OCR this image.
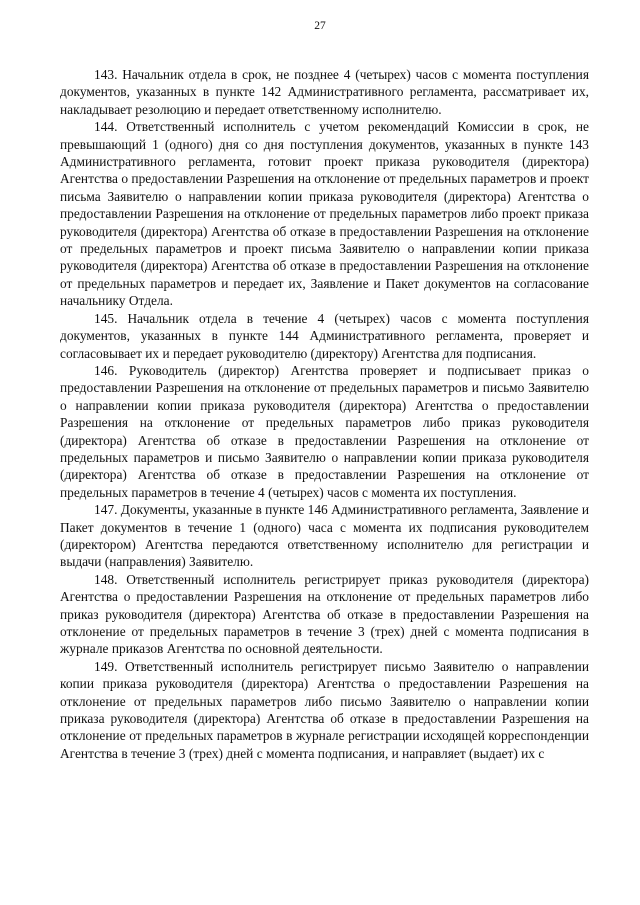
27

143. Начальник отдела в срок, не позднее 4 (четырех) часов с момента поступления документов, указанных в пункте 142 Административного регламента, рассматривает их, накладывает резолюцию и передает ответственному исполнителю.

144. Ответственный исполнитель с учетом рекомендаций Комиссии в срок, не превышающий 1 (одного) дня со дня поступления документов, указанных в пункте 143 Административного регламента, готовит проект приказа руководителя (директора) Агентства о предоставлении Разрешения на отклонение от предельных параметров и проект письма Заявителю о направлении копии приказа руководителя (директора) Агентства о предоставлении Разрешения на отклонение от предельных параметров либо проект приказа руководителя (директора) Агентства об отказе в предоставлении Разрешения на отклонение от предельных параметров и проект письма Заявителю о направлении копии приказа руководителя (директора) Агентства об отказе в предоставлении Разрешения на отклонение от предельных параметров и передает их, Заявление и Пакет документов на согласование начальнику Отдела.

145. Начальник отдела в течение 4 (четырех) часов с момента поступления документов, указанных в пункте 144 Административного регламента, проверяет и согласовывает их и передает руководителю (директору) Агентства для подписания.

146. Руководитель (директор) Агентства проверяет и подписывает приказ о предоставлении Разрешения на отклонение от предельных параметров и письмо Заявителю о направлении копии приказа руководителя (директора) Агентства о предоставлении Разрешения на отклонение от предельных параметров либо приказ руководителя (директора) Агентства об отказе в предоставлении Разрешения на отклонение от предельных параметров и письмо Заявителю о направлении копии приказа руководителя (директора) Агентства об отказе в предоставлении Разрешения на отклонение от предельных параметров в течение 4 (четырех) часов с момента их поступления.

147. Документы, указанные в пункте 146 Административного регламента, Заявление и Пакет документов в течение 1 (одного) часа с момента их подписания руководителем (директором) Агентства передаются ответственному исполнителю для регистрации и выдачи (направления) Заявителю.

148. Ответственный исполнитель регистрирует приказ руководителя (директора) Агентства о предоставлении Разрешения на отклонение от предельных параметров либо приказ руководителя (директора) Агентства об отказе в предоставлении Разрешения на отклонение от предельных параметров в течение 3 (трех) дней с момента подписания в журнале приказов Агентства по основной деятельности.

149. Ответственный исполнитель регистрирует письмо Заявителю о направлении копии приказа руководителя (директора) Агентства о предоставлении Разрешения на отклонение от предельных параметров либо письмо Заявителю о направлении копии приказа руководителя (директора) Агентства об отказе в предоставлении Разрешения на отклонение от предельных параметров в журнале регистрации исходящей корреспонденции Агентства в течение 3 (трех) дней с момента подписания, и направляет (выдает) их с
